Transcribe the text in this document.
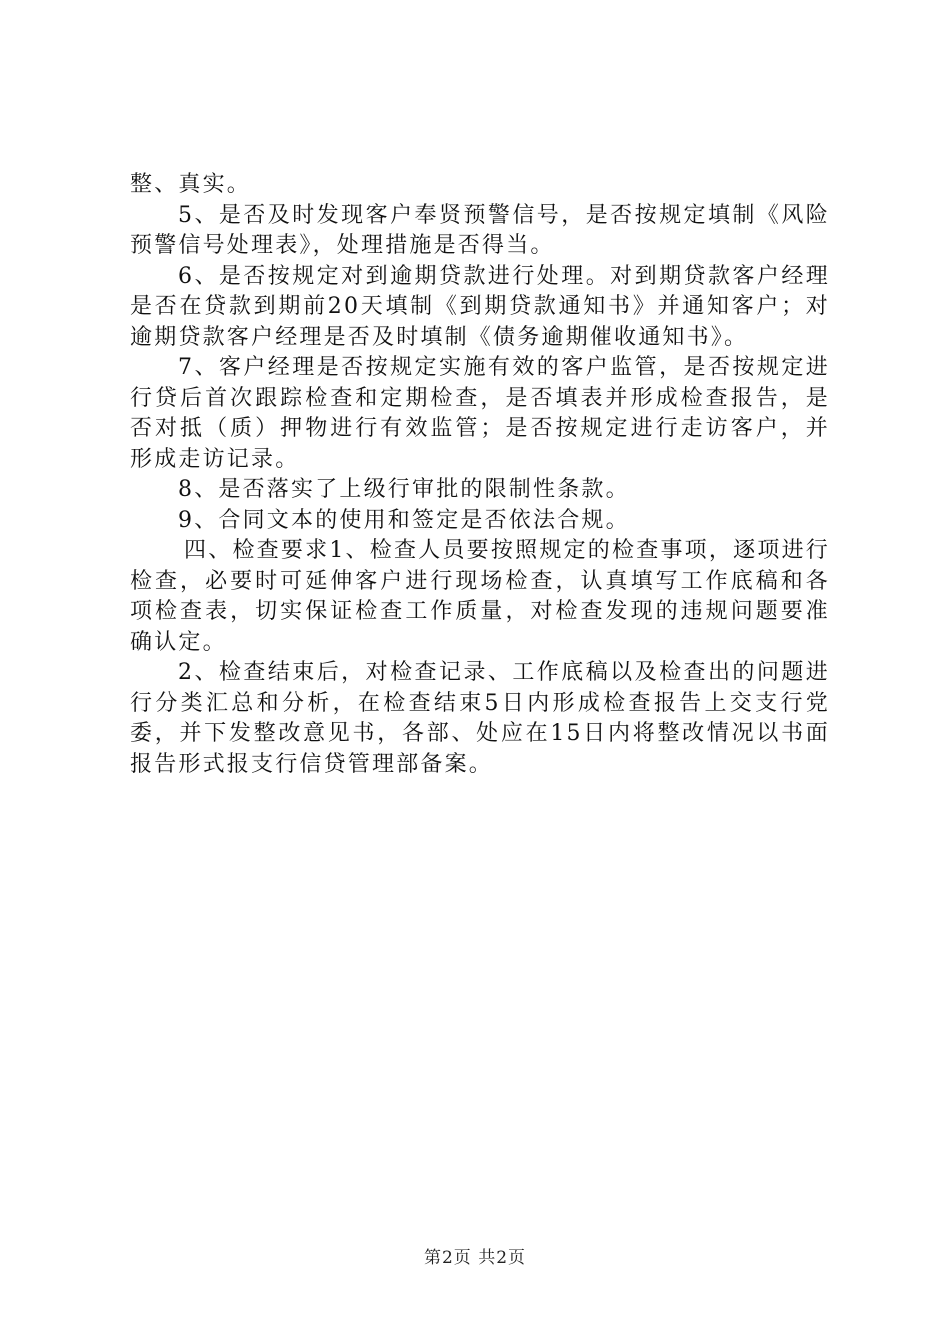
整、真实。

5、是否及时发现客户奉贤预警信号，是否按规定填制《风险预警信号处理表》，处理措施是否得当。

6、是否按规定对到逾期贷款进行处理。对到期贷款客户经理是否在贷款到期前20天填制《到期贷款通知书》并通知客户；对逾期贷款客户经理是否及时填制《债务逾期催收通知书》。

7、客户经理是否按规定实施有效的客户监管，是否按规定进行贷后首次跟踪检查和定期检查，是否填表并形成检查报告，是否对抵（质）押物进行有效监管；是否按规定进行走访客户，并形成走访记录。

8、是否落实了上级行审批的限制性条款。

9、合同文本的使用和签定是否依法合规。

四、检查要求1、检查人员要按照规定的检查事项，逐项进行检查，必要时可延伸客户进行现场检查，认真填写工作底稿和各项检查表，切实保证检查工作质量，对检查发现的违规问题要准确认定。

2、检查结束后，对检查记录、工作底稿以及检查出的问题进行分类汇总和分析，在检查结束5日内形成检查报告上交支行党委，并下发整改意见书，各部、处应在15日内将整改情况以书面报告形式报支行信贷管理部备案。

第2页 共2页
